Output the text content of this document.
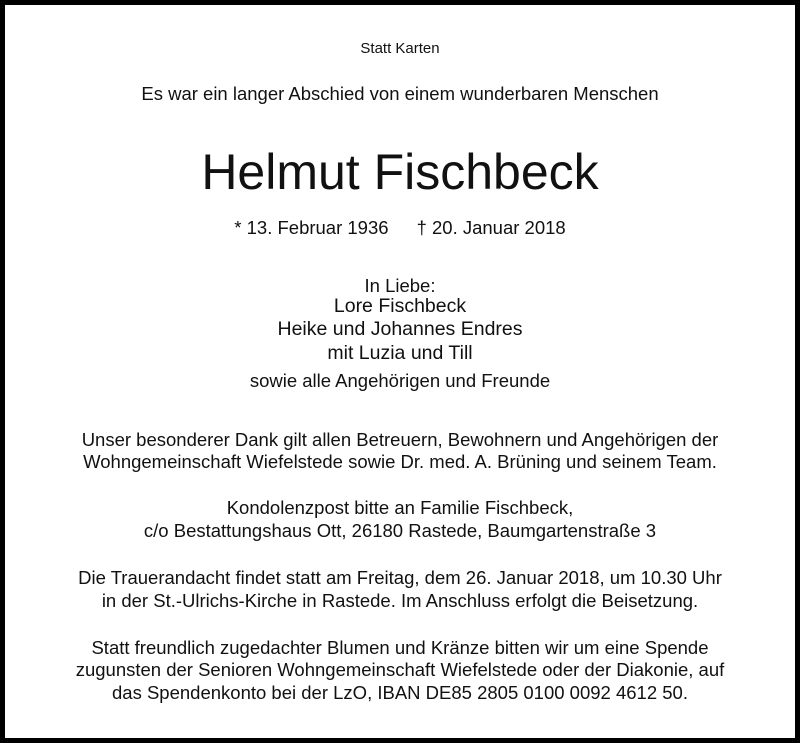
Statt Karten
Es war ein langer Abschied von einem wunderbaren Menschen
Helmut Fischbeck
* 13. Februar 1936 † 20. Januar 2018
In Liebe:
Lore Fischbeck
Heike und Johannes Endres
mit Luzia und Till
sowie alle Angehörigen und Freunde
Unser besonderer Dank gilt allen Betreuern, Bewohnern und Angehörigen der
Wohngemeinschaft Wiefelstede sowie Dr. med. A. Brüning und seinem Team.
Kondolenzpost bitte an Familie Fischbeck,
c/o Bestattungshaus Ott, 26180 Rastede, Baumgartenstraße 3
Die Trauerandacht findet statt am Freitag, dem 26. Januar 2018, um 10.30 Uhr
in der St.-Ulrichs-Kirche in Rastede. Im Anschluss erfolgt die Beisetzung.
Statt freundlich zugedachter Blumen und Kränze bitten wir um eine Spende
zugunsten der Senioren Wohngemeinschaft Wiefelstede oder der Diakonie, auf
das Spendenkonto bei der LzO, IBAN DE85 2805 0100 0092 4612 50.
